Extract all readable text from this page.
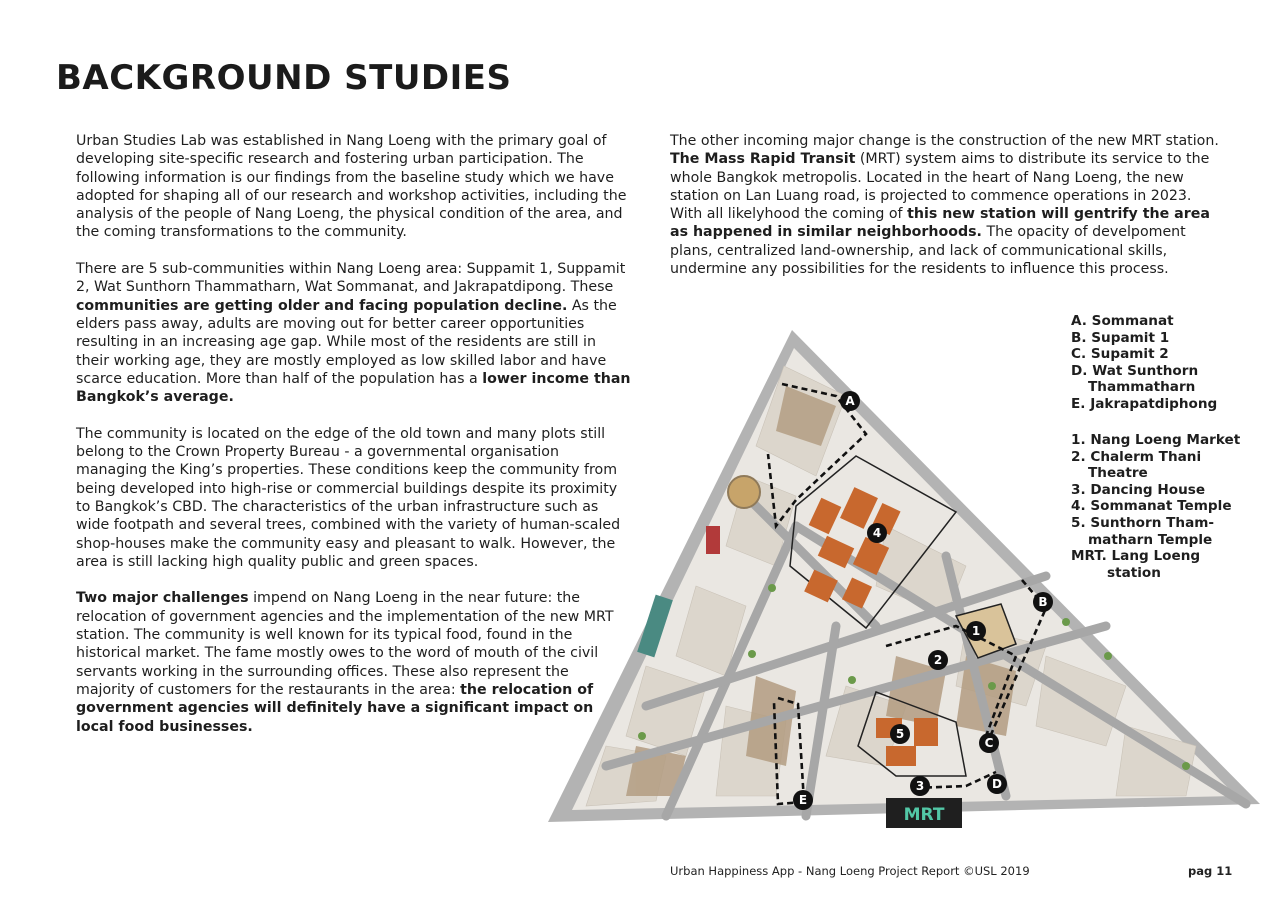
BACKGROUND STUDIES

Urban Studies Lab was established in Nang Loeng with the primary goal of developing site-specific research and fostering urban participation. The following information is our findings from the baseline study which we have adopted for shaping all of our research and workshop activities, including the analysis of the people of Nang Loeng, the physical condition of the area, and the coming transformations to the community.

There are 5 sub-communities within Nang Loeng area: Suppamit 1, Suppamit 2, Wat Sunthorn Thammatharn, Wat Sommanat, and Jakrapatdipong. These communities are getting older and facing population decline. As the elders pass away, adults are moving out for better career opportunities resulting in an increasing age gap. While most of the residents are still in their working age, they are mostly employed as low skilled labor and have scarce education. More than half of the population has a lower income than Bangkok’s average.

The community is located on the edge of the old town and many plots still belong to the Crown Property Bureau - a governmental organisation managing the King’s properties. These conditions keep the community from being developed into high-rise or commercial buildings despite its proximity to Bangkok’s CBD. The characteristics of the urban infrastructure such as wide footpath and several trees, combined with the variety of human-scaled shop-houses make the community easy and pleasant to walk. However, the area is still lacking high quality public and green spaces.

Two major challenges impend on Nang Loeng in the near future: the relocation of government agencies and the implementation of the new MRT station. The community is well known for its typical food, found in the historical market. The fame mostly owes to the word of mouth of the civil servants working in the surrounding offices. These also represent the majority of customers for the restaurants in the area: the relocation of government agencies will definitely have a significant impact on local food businesses.

The other incoming major change is the construction of the new MRT station. The Mass Rapid Transit (MRT) system aims to distribute its service to the whole Bangkok metropolis. Located in the heart of Nang Loeng, the new station on Lan Luang road, is projected to commence operations in 2023. With all likelyhood the coming of this new station will gentrify the area as happened in similar neighborhoods. The opacity of develpoment plans, centralized land-ownership, and lack of communicational skills, undermine any possibilities for the residents to influence this process.

MRT
A
B
C
D
E
1
2
3
4
5
A. Sommanat
B. Supamit 1
C. Supamit 2
D. Wat Sunthorn
Thammatharn
E. Jakrapatdiphong
1. Nang Loeng Market
2. Chalerm Thani
Theatre
3. Dancing House
4. Sommanat Temple
5. Sunthorn Tham-
matharn Temple
MRT. Lang Loeng
station
Urban Happiness App - Nang Loeng Project Report ©USL 2019	pag 11
